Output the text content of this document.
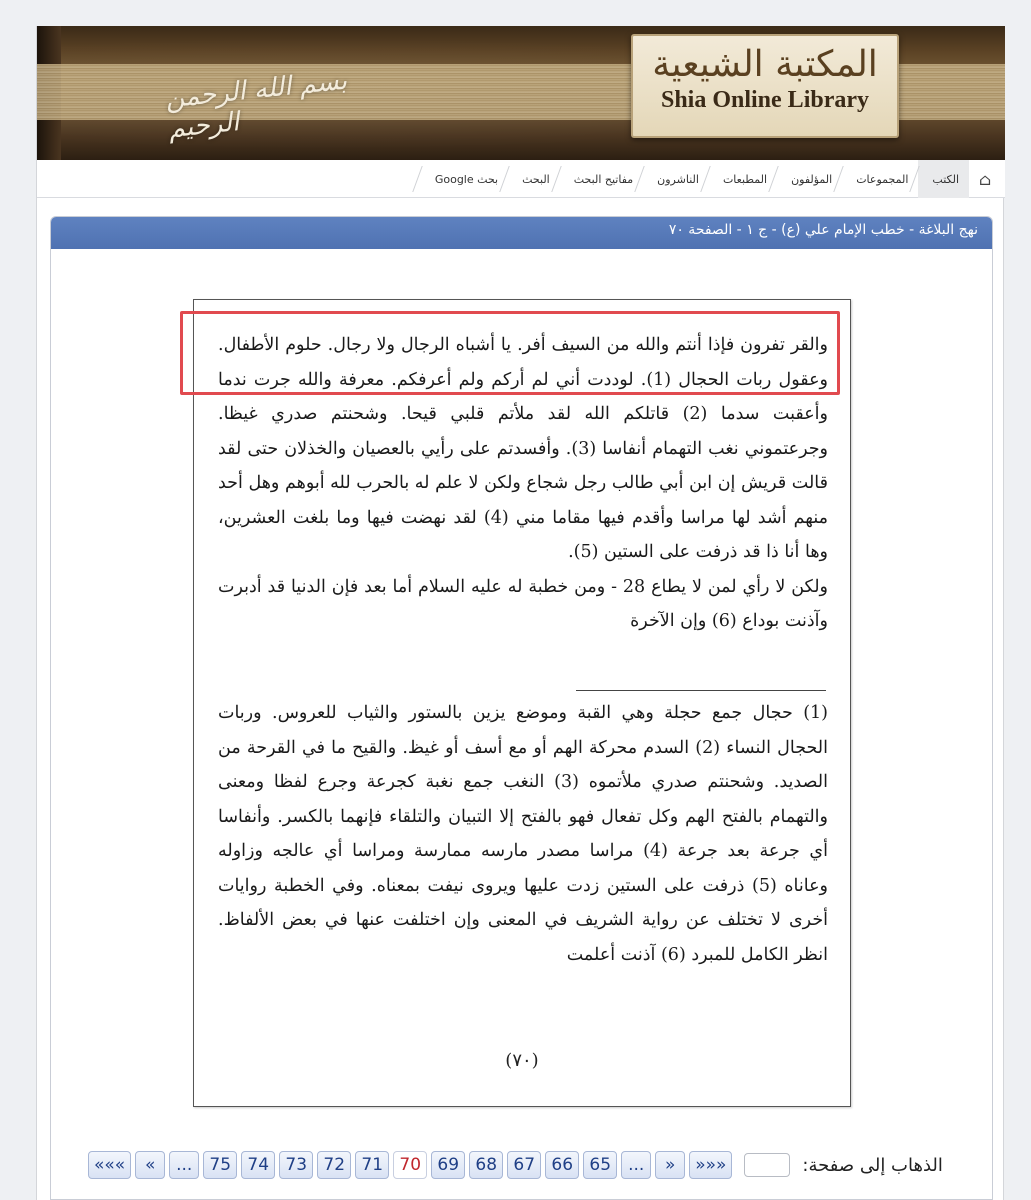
بسم الله الرحمن الرحيم
المكتبة الشيعية
Shia Online Library
⌂
الكتب
المجموعات
المؤلفون
المطبعات
الناشرون
مفاتيح البحث
البحث
بحث Google
نهج البلاغة - خطب الإمام علي (ع) - ج ١ - الصفحة ٧٠

والقر تفرون فإذا أنتم والله من السيف أفر. يا أشباه الرجال ولا رجال. حلوم الأطفال. وعقول ربات الحجال (1). لوددت أني لم أركم ولم أعرفكم. معرفة والله جرت ندما وأعقبت سدما (2) قاتلكم الله لقد ملأتم قلبي قيحا. وشحنتم صدري غيظا. وجرعتموني نغب التهمام أنفاسا (3). وأفسدتم على رأيي بالعصيان والخذلان حتى لقد قالت قريش إن ابن أبي طالب رجل شجاع ولكن لا علم له بالحرب لله أبوهم وهل أحد منهم أشد لها مراسا وأقدم فيها مقاما مني (4) لقد نهضت فيها وما بلغت العشرين، وها أنا ذا قد ذرفت على الستين (5).

ولكن لا رأي لمن لا يطاع 28 - ومن خطبة له عليه السلام أما بعد فإن الدنيا قد أدبرت وآذنت بوداع (6) وإن الآخرة

(1) حجال جمع حجلة وهي القبة وموضع يزين بالستور والثياب للعروس. وربات الحجال النساء (2) السدم محركة الهم أو مع أسف أو غيظ. والقيح ما في القرحة من الصديد. وشحنتم صدري ملأتموه (3) النغب جمع نغبة كجرعة وجرع لفظا ومعنى والتهمام بالفتح الهم وكل تفعال فهو بالفتح إلا التبيان والتلقاء فإنهما بالكسر. وأنفاسا أي جرعة بعد جرعة (4) مراسا مصدر مارسه ممارسة ومراسا أي عالجه وزاوله وعاناه (5) ذرفت على الستين زدت عليها ويروى نيفت بمعناه. وفي الخطبة روايات أخرى لا تختلف عن رواية الشريف في المعنى وإن اختلفت عنها في بعض الألفاظ. انظر الكامل للمبرد (6) آذنت أعلمت
(٧٠)
«««	«	...	75 74 73 72 71 70 69 68 67 66 65	...	»	»»»	الذهاب إلى صفحة:
